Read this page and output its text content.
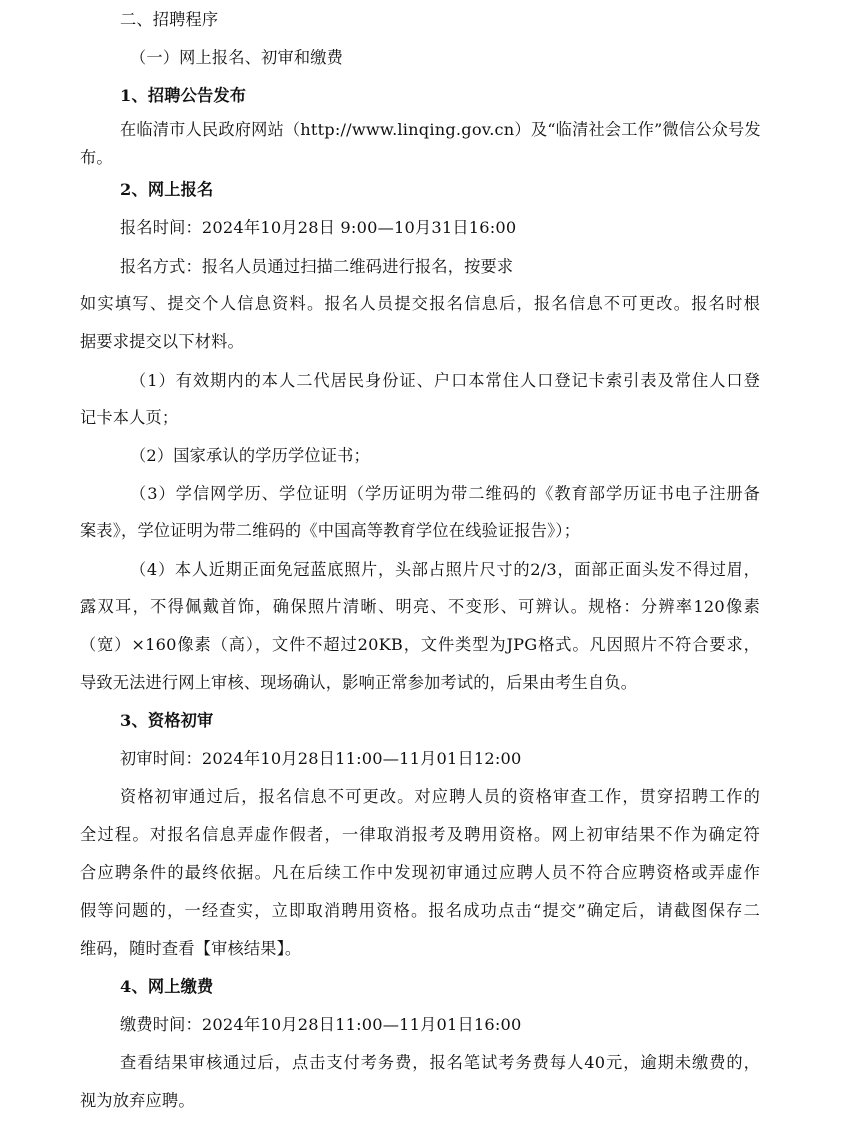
二、招聘程序
（一）网上报名、初审和缴费
1、招聘公告发布
在临清市人民政府网站（http://www.linqing.gov.cn）及“临清社会工作”微信公众号发
布。
2、网上报名
报名时间：2024年10月28日 9:00—10月31日16:00
报名方式：报名人员通过扫描二维码进行报名，按要求
如实填写、提交个人信息资料。报名人员提交报名信息后，报名信息不可更改。报名时根
据要求提交以下材料。
（1）有效期内的本人二代居民身份证、户口本常住人口登记卡索引表及常住人口登
记卡本人页；
（2）国家承认的学历学位证书；
（3）学信网学历、学位证明（学历证明为带二维码的《教育部学历证书电子注册备
案表》，学位证明为带二维码的《中国高等教育学位在线验证报告》）；
（4）本人近期正面免冠蓝底照片，头部占照片尺寸的2/3，面部正面头发不得过眉，
露双耳，不得佩戴首饰，确保照片清晰、明亮、不变形、可辨认。规格：分辨率120像素
（宽）×160像素（高），文件不超过20KB，文件类型为JPG格式。凡因照片不符合要求，
导致无法进行网上审核、现场确认，影响正常参加考试的，后果由考生自负。
3、资格初审
初审时间：2024年10月28日11:00—11月01日12:00
资格初审通过后，报名信息不可更改。对应聘人员的资格审查工作，贯穿招聘工作的
全过程。对报名信息弄虚作假者，一律取消报考及聘用资格。网上初审结果不作为确定符
合应聘条件的最终依据。凡在后续工作中发现初审通过应聘人员不符合应聘资格或弄虚作
假等问题的，一经查实，立即取消聘用资格。报名成功点击“提交”确定后，请截图保存二
维码，随时查看【审核结果】。
4、网上缴费
缴费时间：2024年10月28日11:00—11月01日16:00
查看结果审核通过后，点击支付考务费，报名笔试考务费每人40元，逾期未缴费的，
视为放弃应聘。
